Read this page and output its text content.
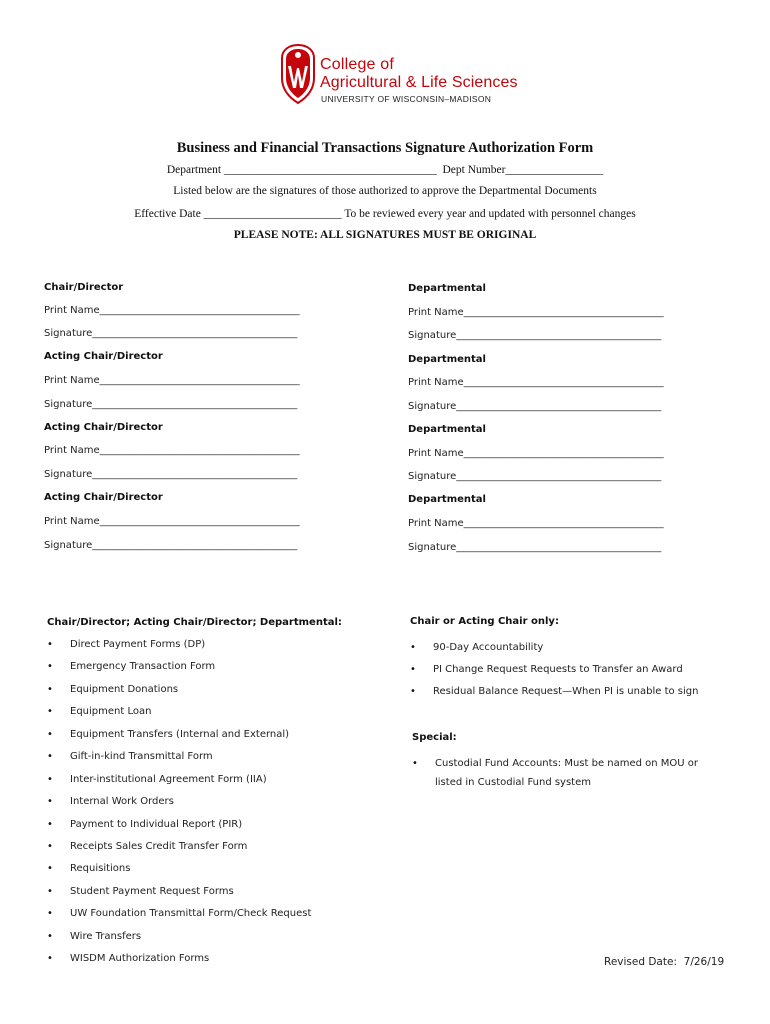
College of
Agricultural & Life Sciences
UNIVERSITY OF WISCONSIN–MADISON
Business and Financial Transactions Signature Authorization Form
Department _____________________________________  Dept Number_________________
Listed below are the signatures of those authorized to approve the Departmental Documents
Effective Date ________________________ To be reviewed every year and updated with personnel changes
PLEASE NOTE: ALL SIGNATURES MUST BE ORIGINAL
Chair/Director
Print Name________________________________________
Signature_________________________________________
Acting Chair/Director
Print Name________________________________________
Signature_________________________________________
Acting Chair/Director
Print Name________________________________________
Signature_________________________________________
Acting Chair/Director
Print Name________________________________________
Signature_________________________________________
Departmental
Print Name________________________________________
Signature_________________________________________
Departmental
Print Name________________________________________
Signature_________________________________________
Departmental
Print Name________________________________________
Signature_________________________________________
Departmental
Print Name________________________________________
Signature_________________________________________
Chair/Director; Acting Chair/Director; Departmental:
• Direct Payment Forms (DP)
• Emergency Transaction Form
• Equipment Donations
• Equipment Loan
• Equipment Transfers (Internal and External)
• Gift-in-kind Transmittal Form
• Inter-institutional Agreement Form (IIA)
• Internal Work Orders
• Payment to Individual Report (PIR)
• Receipts Sales Credit Transfer Form
• Requisitions
• Student Payment Request Forms
• UW Foundation Transmittal Form/Check Request
• Wire Transfers
• WISDM Authorization Forms
Chair or Acting Chair only:
• 90-Day Accountability
• PI Change Request Requests to Transfer an Award
• Residual Balance Request—When PI is unable to sign
Special:
• Custodial Fund Accounts: Must be named on MOU or
listed in Custodial Fund system
Revised Date:  7/26/19
